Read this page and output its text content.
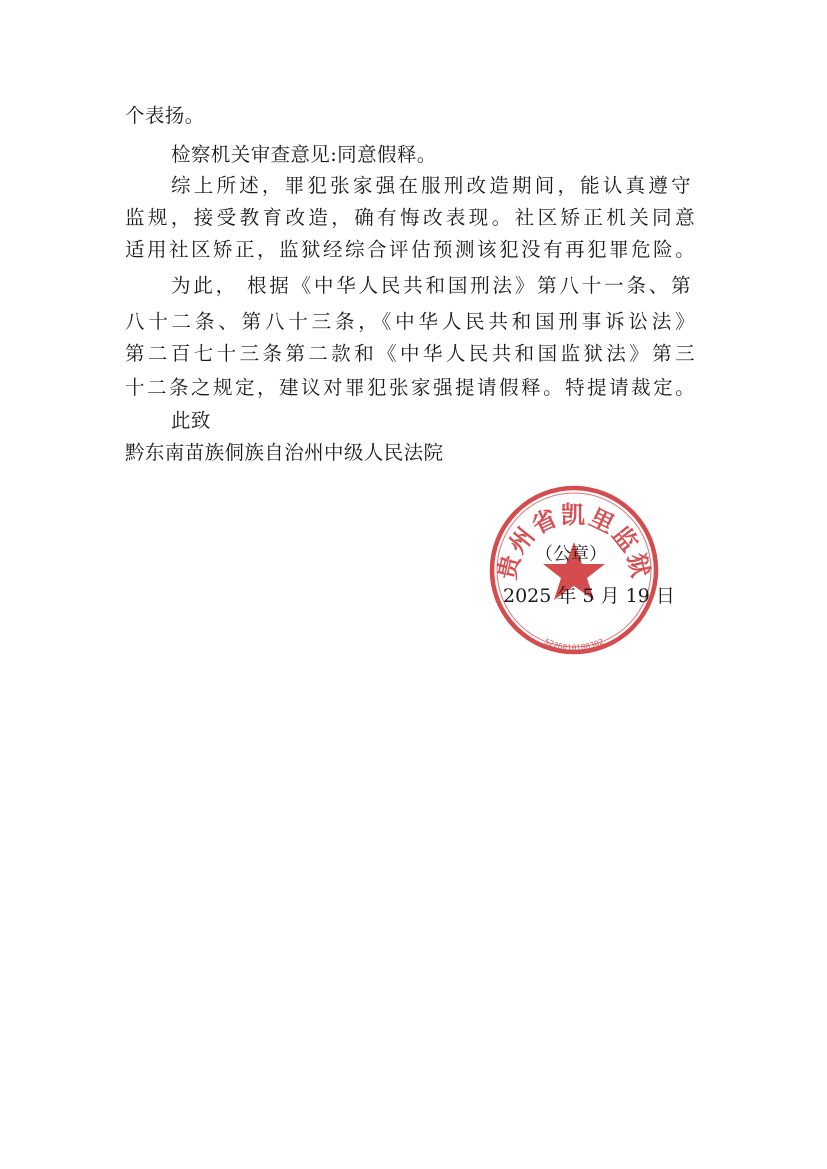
个表扬。
检察机关审查意见:同意假释。
综上所述，罪犯张家强在服刑改造期间，能认真遵守
监规，接受教育改造，确有悔改表现。社区矫正机关同意
适用社区矫正，监狱经综合评估预测该犯没有再犯罪危险。
为此， 根据《中华人民共和国刑法》第八十一条、第
八十二条、第八十三条，《中华人民共和国刑事诉讼法》
第二百七十三条第二款和《中华人民共和国监狱法》第三
十二条之规定，建议对罪犯张家强提请假释。特提请裁定。
此致
黔东南苗族侗族自治州中级人民法院
贵州省凯里监狱
5226010180302
（公章）
2025 年 5 月 19 日
